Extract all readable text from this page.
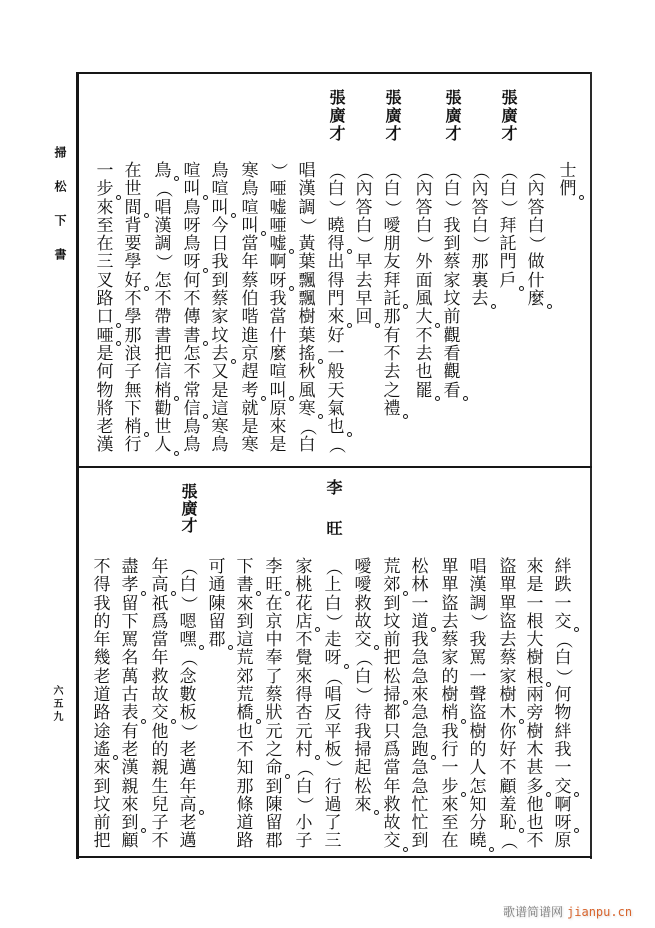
掃松下書
六五九
張廣才
張廣才
張廣才
張廣才
士
們
（
內
答
白
）
做
什
麼
（
白
）
拜
託
門
戶
（
內
答
白
）
那
裏
去
（
白
）
我
到
蔡
家
坟
前
觀
看
觀
看
（
內
答
白
）
外
面
風
大
不
去
也
罷
（
白
）
噯
朋
友
拜
託
那
有
不
去
之
禮
（
內
答
白
）
早
去
早
回
（
白
）
曉
得
出
得
門
來
好
一
般
天
氣
也
（
唱
漢
調
）
黃
葉
飄
飄
樹
葉
搖
秋
風
寒
（
白
）
唖
嘘
唖
嘘
啊
呀
我
當
什
麼
喧
叫
原
來
是
寒
鳥
喧
叫
當
年
蔡
伯
喈
進
京
趕
考
就
是
寒
鳥
喧
叫
今
日
我
到
蔡
家
坟
去
又
是
這
寒
鳥
喧
叫
鳥
呀
鳥
呀
何
不
傳
書
怎
不
常
信
鳥
鳥
鳥
（
唱
漢
調
）
怎
不
帶
書
把
信
梢
勸
世
人
在
世
間
背
要
學
好
不
學
那
浪
子
無
下
梢
行
一
步
來
至
在
三
叉
路
口
唖
是
何
物
將
老
漢
李旺
張廣才
絆
跌
一
交
（
白
）
何
物
絆
我
一
交
啊
呀
原
來
是
一
根
大
樹
根
兩
旁
樹
木
甚
多
他
也
不
盜
單
單
盜
去
蔡
家
樹
木
你
好
不
顧
羞
恥
（
唱
漢
調
）
我
罵
一
聲
盜
樹
的
人
怎
知
分
曉
單
單
盜
去
蔡
家
的
樹
梢
我
行
一
步
來
至
在
松
林
一
道
我
急
急
來
急
急
跑
急
急
忙
忙
到
荒
郊
到
坟
前
把
松
掃
都
只
爲
當
年
救
故
交
噯
噯
救
故
交
（
白
）
待
我
掃
起
松
來
（
上
白
）
走
呀
（
唱
反
平
板
）
行
過
了
三
家
桃
花
店
不
覺
來
得
杏
元
村
（
白
）
小
子
李
旺
在
京
中
奉
了
蔡
狀
元
之
命
到
陳
留
郡
下
書
來
到
這
荒
郊
荒
橋
也
不
知
那
條
道
路
可
通
陳
留
郡
（
白
）
嗯
嘿
（
念
數
板
）
老
邁
年
高
老
邁
年
高
祇
爲
當
年
救
故
交
他
的
親
生
兒
子
不
盡
孝
留
下
罵
名
萬
古
表
有
老
漢
親
來
到
顧
不
得
我
的
年
幾
老
道
路
途
遙
來
到
坟
前
把
歌谱简谱网 jianpu.cn
